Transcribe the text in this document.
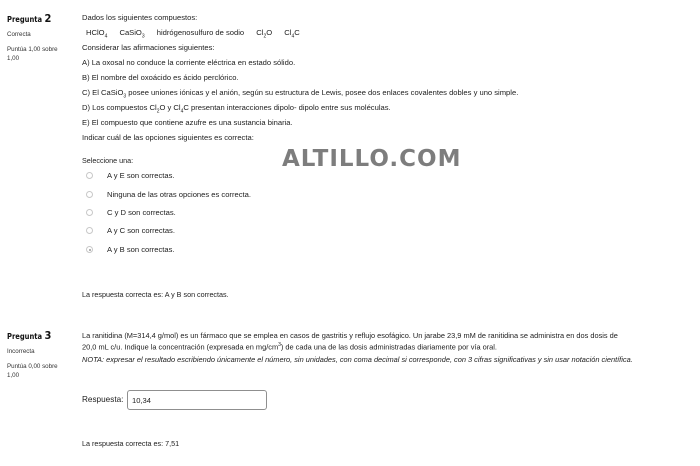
Pregunta 2
Correcta
Puntúa 1,00 sobre 1,00
Dados los siguientes compuestos:
HClO$_4$ CaSiO$_3$ hidrógenosulfuro de sodio $Cl_2O$ $Cl_4C$
Considerar las afirmaciones siguientes:
A) La oxosal no conduce la corriente eléctrica en estado sólido.
B) El nombre del oxoácido es ácido perclórico.
C) El CaSiO$_3$ posee uniones iónicas y el anión, según su estructura de Lewis, posee dos enlaces covalentes dobles y uno simple.
D) Los compuestos $Cl_2O$ y $Cl_4C$ presentan interacciones dipolo- dipolo entre sus moléculas.
E) El compuesto que contiene azufre es una sustancia binaria.
Indicar cuál de las opciones siguientes es correcta:
Seleccione una:
A y E son correctas.
Ninguna de las otras opciones es correcta.
C y D son correctas.
A y C son correctas.
A y B son correctas.
ALTILLO.COM
La respuesta correcta es: A y B son correctas.
Pregunta 3
Incorrecta
Puntúa 0,00 sobre 1,00
La ranitidina (M=314,4 g/mol) es un fármaco que se emplea en casos de gastritis y reflujo esofágico. Un jarabe 23,9 mM de ranitidina se administra en dos dosis de
20,0 mL c/u. Indique la concentración (expresada en $mg/cm^3$) de cada una de las dosis administradas diariamente por vía oral.
NOTA: expresar el resultado escribiendo únicamente el número, sin unidades, con coma decimal si corresponde, con 3 cifras significativas y sin usar notación científica.
Respuesta:
10,34
La respuesta correcta es: 7,51
